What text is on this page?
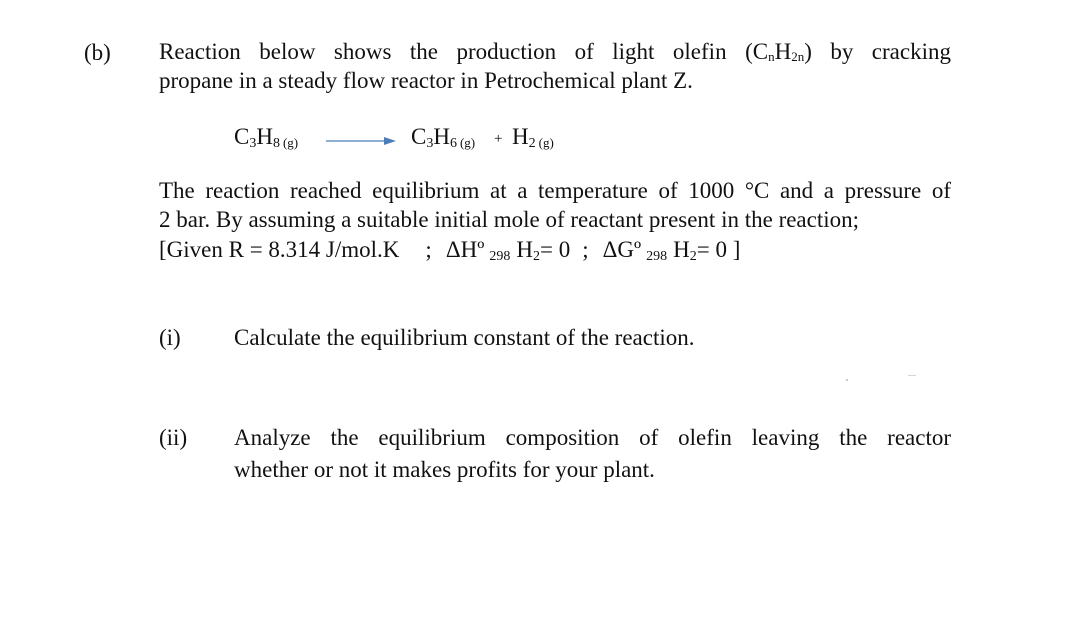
(b) Reaction below shows the production of light olefin (CnH2n) by cracking
propane in a steady flow reactor in Petrochemical plant Z.
$C_3H_8$ (g)	$C_3H_6$ $(g) + H_2$ (g)
The reaction reached equilibrium at a temperature of 1000 °C and a pressure of
2 bar. By assuming a suitable initial mole of reactant present in the reaction;
[Given R = 8.314 J/mol.K ; ΔHº $_{298}$ $H_2= 0$ ; ΔGº $_{298}$ $H_2= 0$ ]
(i) Calculate the equilibrium constant of the reaction.
(ii) Analyze the equilibrium composition of olefin leaving the reactor
whether or not it makes profits for your plant.
